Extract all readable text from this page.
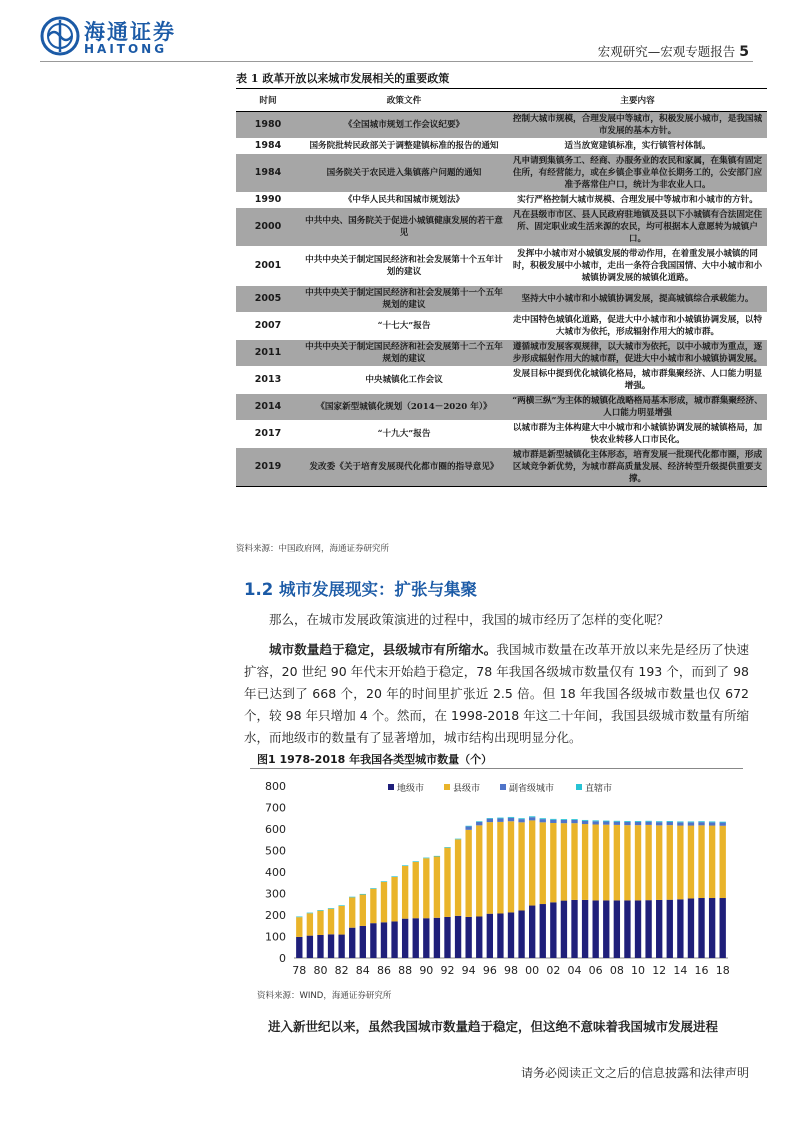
海通证券
HAITONG	宏观研究—宏观专题报告 5
表 1 政革开放以来城市发展相关的重要政策
时间	政策文件	主要内容
1980	《全国城市规划工作会议纪要》	控制大城市规模，合理发展中等城市，积极发展小城市，是我国城市发展的基本方针。
1984	国务院批转民政部关于调整建镇标准的报告的通知	适当放宽建镇标准，实行镇管村体制。
1984	国务院关于农民进入集镇落户问题的通知	凡申请到集镇务工、经商、办服务业的农民和家属，在集镇有固定住所，有经营能力，或在乡镇企事业单位长期务工的，公安部门应准予落常住户口，统计为非农业人口。
1990	《中华人民共和国城市规划法》	实行严格控制大城市规模、合理发展中等城市和小城市的方针。
2000	中共中央、国务院关于促进小城镇健康发展的若干意见	凡在县级市市区、县人民政府驻地镇及县以下小城镇有合法固定住所、固定职业或生活来源的农民，均可根据本人意愿转为城镇户口。
2001	中共中央关于制定国民经济和社会发展第十个五年计划的建议	发挥中小城市对小城镇发展的带动作用，在着重发展小城镇的同时，积极发展中小城市，走出一条符合我国国情、大中小城市和小城镇协调发展的城镇化道路。
2005	中共中央关于制定国民经济和社会发展第十一个五年规划的建议	坚持大中小城市和小城镇协调发展，提高城镇综合承载能力。
2007	“十七大”报告	走中国特色城镇化道路，促进大中小城市和小城镇协调发展，以特大城市为依托，形成辐射作用大的城市群。
2011	中共中央关于制定国民经济和社会发展第十二个五年规划的建议	遵循城市发展客观规律，以大城市为依托，以中小城市为重点，逐步形成辐射作用大的城市群，促进大中小城市和小城镇协调发展。
2013	中央城镇化工作会议	发展目标中提到优化城镇化格局，城市群集聚经济、人口能力明显增强。
2014	《国家新型城镇化规划（2014－2020 年）》	“两横三纵”为主体的城镇化战略格局基本形成，城市群集聚经济、人口能力明显增强
2017	“十九大”报告	以城市群为主体构建大中小城市和小城镇协调发展的城镇格局，加快农业转移人口市民化。
2019	发改委《关于培育发展现代化都市圈的指导意见》	城市群是新型城镇化主体形态，培育发展一批现代化都市圈，形成区域竞争新优势，为城市群高质量发展、经济转型升级提供重要支撑。
资料来源：中国政府网，海通证券研究所
1.2 城市发展现实：扩张与集聚
那么，在城市发展政策演进的过程中，我国的城市经历了怎样的变化呢？
城市数量趋于稳定，县级城市有所缩水。我国城市数量在改革开放以来先是经历了快速扩容，20 世纪 90 年代末开始趋于稳定，78 年我国各级城市数量仅有 193 个，而到了 98 年已达到了 668 个，20 年的时间里扩张近 2.5 倍。但 18 年我国各级城市数量也仅 672 个，较 98 年只增加 4 个。然而，在 1998-2018 年这二十年间，我国县级城市数量有所缩水，而地级市的数量有了显著增加，城市结构出现明显分化。
图1 1978-2018 年我国各类型城市数量（个）
地级市	县级市	副省级城市	直辖市
0
100
200
300
400
500
600
700
800
78 80 82 84 86 88 90 92 94 96 98 00 02 04 06 08 10 12 14 16 18
资料来源：WIND，海通证券研究所
进入新世纪以来，虽然我国城市数量趋于稳定，但这绝不意味着我国城市发展进程
请务必阅读正文之后的信息披露和法律声明
